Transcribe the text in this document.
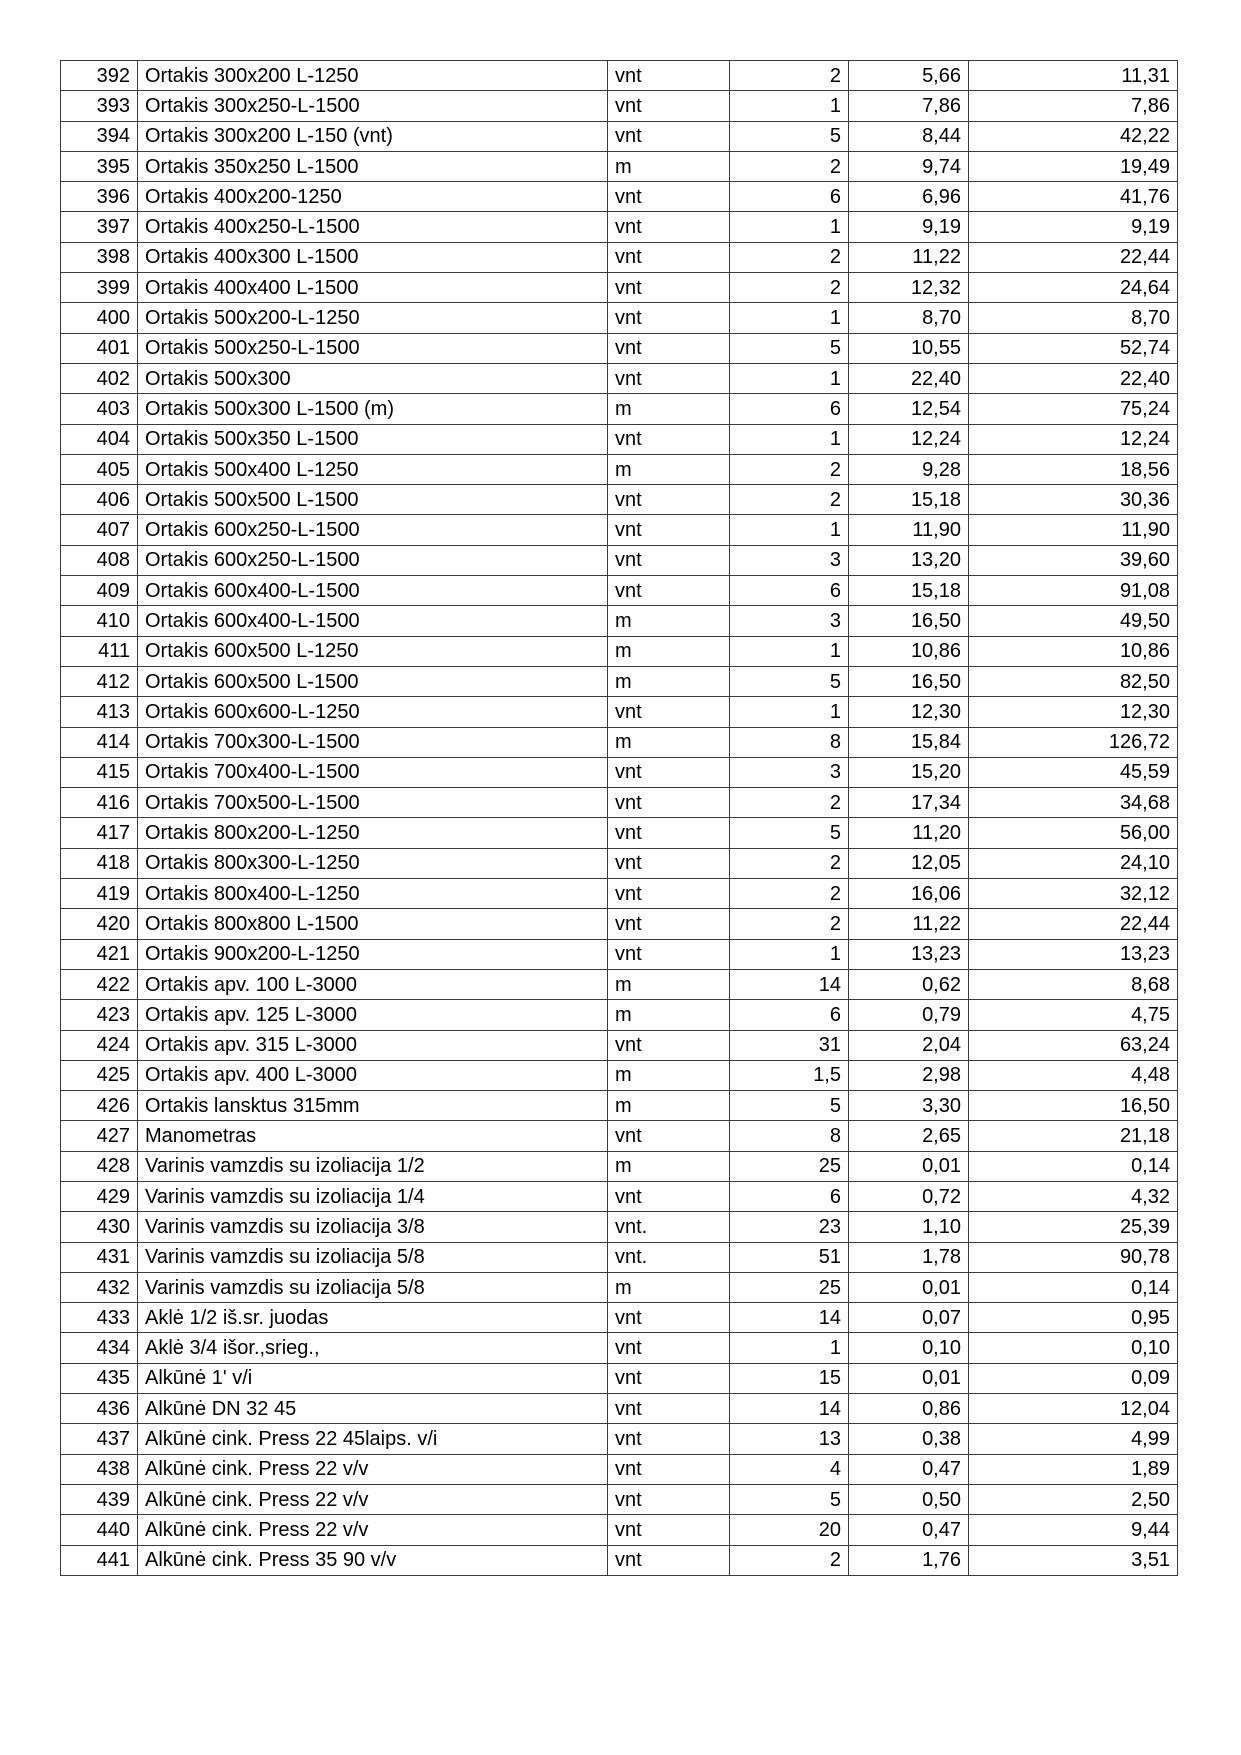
392	Ortakis 300x200 L-1250	vnt	2	5,66	11,31
393	Ortakis 300x250-L-1500	vnt	1	7,86	7,86
394	Ortakis 300x200 L-150 (vnt)	vnt	5	8,44	42,22
395	Ortakis 350x250 L-1500	m	2	9,74	19,49
396	Ortakis 400x200-1250	vnt	6	6,96	41,76
397	Ortakis 400x250-L-1500	vnt	1	9,19	9,19
398	Ortakis 400x300 L-1500	vnt	2	11,22	22,44
399	Ortakis 400x400 L-1500	vnt	2	12,32	24,64
400	Ortakis 500x200-L-1250	vnt	1	8,70	8,70
401	Ortakis 500x250-L-1500	vnt	5	10,55	52,74
402	Ortakis 500x300	vnt	1	22,40	22,40
403	Ortakis 500x300 L-1500 (m)	m	6	12,54	75,24
404	Ortakis 500x350 L-1500	vnt	1	12,24	12,24
405	Ortakis 500x400 L-1250	m	2	9,28	18,56
406	Ortakis 500x500 L-1500	vnt	2	15,18	30,36
407	Ortakis 600x250-L-1500	vnt	1	11,90	11,90
408	Ortakis 600x250-L-1500	vnt	3	13,20	39,60
409	Ortakis 600x400-L-1500	vnt	6	15,18	91,08
410	Ortakis 600x400-L-1500	m	3	16,50	49,50
411	Ortakis 600x500 L-1250	m	1	10,86	10,86
412	Ortakis 600x500 L-1500	m	5	16,50	82,50
413	Ortakis 600x600-L-1250	vnt	1	12,30	12,30
414	Ortakis 700x300-L-1500	m	8	15,84	126,72
415	Ortakis 700x400-L-1500	vnt	3	15,20	45,59
416	Ortakis 700x500-L-1500	vnt	2	17,34	34,68
417	Ortakis 800x200-L-1250	vnt	5	11,20	56,00
418	Ortakis 800x300-L-1250	vnt	2	12,05	24,10
419	Ortakis 800x400-L-1250	vnt	2	16,06	32,12
420	Ortakis 800x800 L-1500	vnt	2	11,22	22,44
421	Ortakis 900x200-L-1250	vnt	1	13,23	13,23
422	Ortakis apv. 100 L-3000	m	14	0,62	8,68
423	Ortakis apv. 125 L-3000	m	6	0,79	4,75
424	Ortakis apv. 315 L-3000	vnt	31	2,04	63,24
425	Ortakis apv. 400 L-3000	m	1,5	2,98	4,48
426	Ortakis lansktus 315mm	m	5	3,30	16,50
427	Manometras	vnt	8	2,65	21,18
428	Varinis vamzdis su izoliacija 1/2	m	25	0,01	0,14
429	Varinis vamzdis su izoliacija 1/4	vnt	6	0,72	4,32
430	Varinis vamzdis su izoliacija 3/8	vnt.	23	1,10	25,39
431	Varinis vamzdis su izoliacija 5/8	vnt.	51	1,78	90,78
432	Varinis vamzdis su izoliacija 5/8	m	25	0,01	0,14
433	Aklė 1/2 iš.sr. juodas	vnt	14	0,07	0,95
434	Aklė 3/4 išor.,srieg.,	vnt	1	0,10	0,10
435	Alkūnė 1' v/i	vnt	15	0,01	0,09
436	Alkūnė DN 32 45	vnt	14	0,86	12,04
437	Alkūnė cink. Press 22 45laips. v/i	vnt	13	0,38	4,99
438	Alkūnė cink. Press 22 v/v	vnt	4	0,47	1,89
439	Alkūnė cink. Press 22 v/v	vnt	5	0,50	2,50
440	Alkūnė cink. Press 22 v/v	vnt	20	0,47	9,44
441	Alkūnė cink. Press 35 90 v/v	vnt	2	1,76	3,51
